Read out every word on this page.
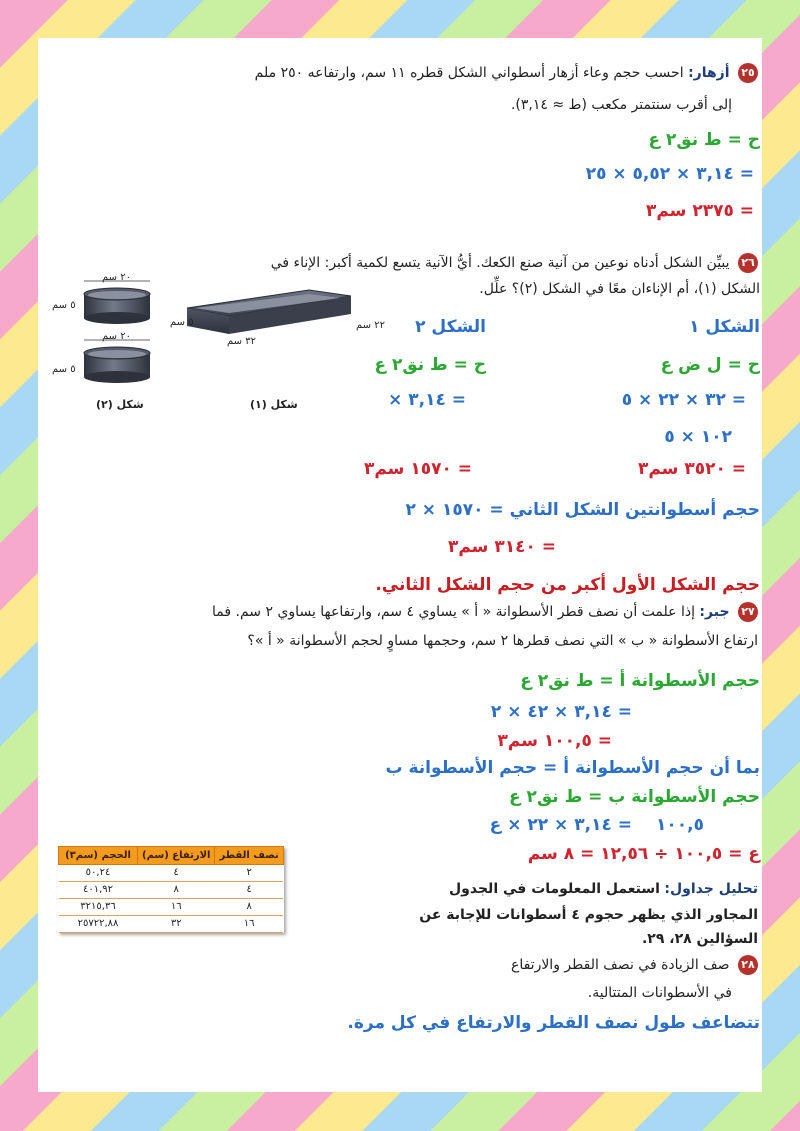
٢٥ أزهار: احسب حجم وعاء أزهار أسطواني الشكل قطره ١١ سم، وارتفاعه ٢٥٠ ملم
إلى أقرب سنتمتر مكعب (ط ≈ ٣,١٤).
ح = ط نق٢ ع
= ٣,١٤ × ٥,٥٢ × ٢٥
= ٢٣٧٥ سم٣
٢٦ يبيِّن الشكل أدناه نوعين من آنية صنع الكعك. أيُّ الآنية يتسع لكمية أكبر: الإناء في
الشكل (١)، أم الإناءان معًا في الشكل (٢)؟ علِّل.
٢٢ سم
٣٢ سم
٥ سم
شكل (١)
٢٠ سم
٥ سم
٢٠ سم
٥ سم
شكل (٢)
الشكل ١
ح = ل ض ع
= ٣٢ × ٢٢ × ٥
= ٣٥٢٠ سم٣
الشكل ٢
ح = ط نق٢ ع
= ٣,١٤ ×
١٠٢ × ٥
= ١٥٧٠ سم٣
حجم أسطوانتين الشكل الثاني = ١٥٧٠ × ٢
= ٣١٤٠ سم٣
حجم الشكل الأول أكبر من حجم الشكل الثاني.
٢٧ جبر: إذا علمت أن نصف قطر الأسطوانة « أ » يساوي ٤ سم، وارتفاعها يساوي ٢ سم. فما
ارتفاع الأسطوانة « ب » التي نصف قطرها ٢ سم، وحجمها مساوٍ لحجم الأسطوانة « أ »؟
حجم الأسطوانة أ = ط نق٢ ع
= ٣,١٤ × ٤٢ × ٢
= ١٠٠,٥ سم٣
بما أن حجم الأسطوانة أ = حجم الأسطوانة ب
حجم الأسطوانة ب = ط نق٢ ع
١٠٠,٥
= ٣,١٤ × ٢٢ × ع
ع = ١٠٠,٥ ÷ ١٢,٥٦ = ٨ سم
نصف القطر	الارتفاع (سم)	الحجم (سم٣)
٢	٤	٥٠,٢٤
٤	٨	٤٠١,٩٢
٨	١٦	٣٢١٥,٣٦
١٦	٣٢	٢٥٧٢٢,٨٨
تحليل جداول: استعمل المعلومات في الجدول
المجاور الذي يظهر حجوم ٤ أسطوانات للإجابة عن
السؤالين ٢٨، ٢٩.
٢٨ صف الزيادة في نصف القطر والارتفاع
في الأسطوانات المتتالية.
تتضاعف طول نصف القطر والارتفاع في كل مرة.
